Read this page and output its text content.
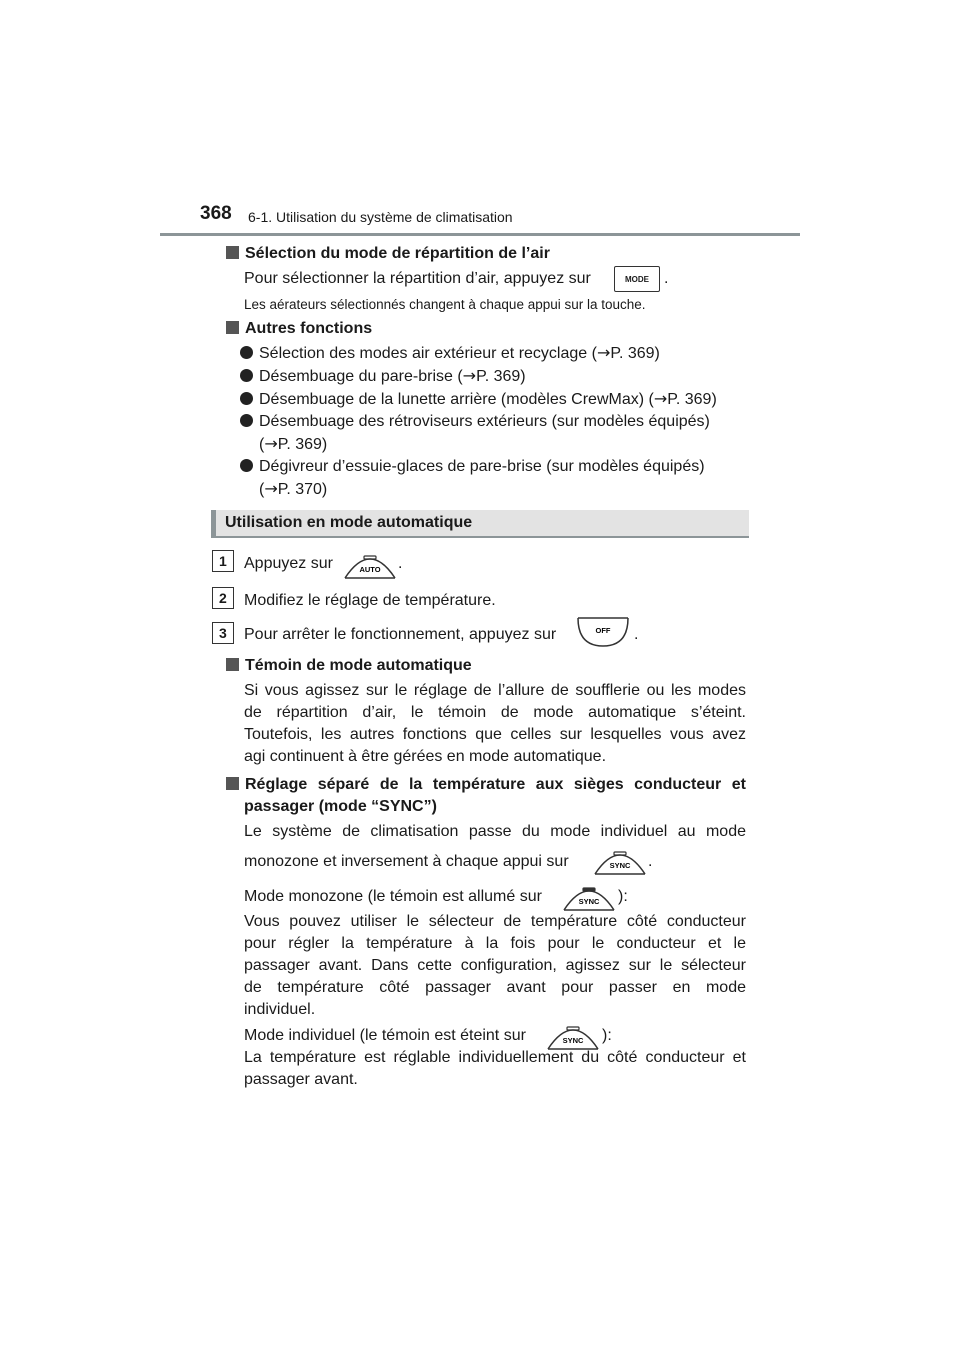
368 6-1. Utilisation du système de climatisation
Sélection du mode de répartition de l’air
Pour sélectionner la répartition d’air, appuyez sur	MODE .
Les aérateurs sélectionnés changent à chaque appui sur la touche.
Autres fonctions
Sélection des modes air extérieur et recyclage (→P. 369)
Désembuage du pare-brise (→P. 369)
Désembuage de la lunette arrière (modèles CrewMax) (→P. 369)
Désembuage des rétroviseurs extérieurs (sur modèles équipés)
(→P. 369)
Dégivreur d’essuie-glaces de pare-brise (sur modèles équipés)
(→P. 370)
Utilisation en mode automatique
1	Appuyez sur	AUTO .
2	Modifiez le réglage de température.
3	Pour arrêter le fonctionnement, appuyez sur	OFF .
Témoin de mode automatique
Si vous agissez sur le réglage de l’allure de soufflerie ou les modes
de répartition d’air, le témoin de mode automatique s’éteint.
Toutefois, les autres fonctions que celles sur lesquelles vous avez
agi continuent à être gérées en mode automatique.
Réglage séparé de la température aux sièges conducteur et
passager (mode “SYNC”)
Le système de climatisation passe du mode individuel au mode
monozone et inversement à chaque appui sur	SYNC .
Mode monozone (le témoin est allumé sur	SYNC ):
Vous pouvez utiliser le sélecteur de température côté conducteur
pour régler la température à la fois pour le conducteur et le
passager avant. Dans cette configuration, agissez sur le sélecteur
de température côté passager avant pour passer en mode
individuel.
Mode individuel (le témoin est éteint sur	SYNC ):
La température est réglable individuellement du côté conducteur et
passager avant.
